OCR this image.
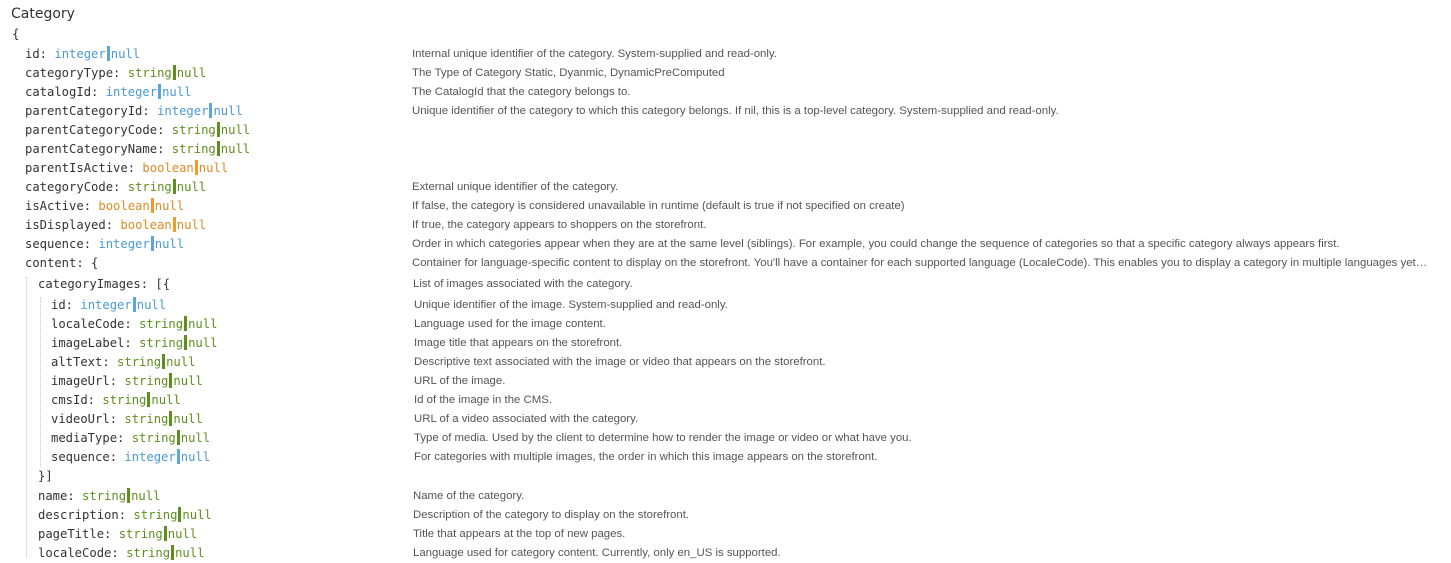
Category
{
id: integer null	Internal unique identifier of the category. System-supplied and read-only.
categoryType: string null	The Type of Category Static, Dyanmic, DynamicPreComputed
catalogId: integer null	The CatalogId that the category belongs to.
parentCategoryId: integer null	Unique identifier of the category to which this category belongs. If nil, this is a top-level category. System-supplied and read-only.
parentCategoryCode: string null
parentCategoryName: string null
parentIsActive: boolean null
categoryCode: string null	External unique identifier of the category.
isActive: boolean null	If false, the category is considered unavailable in runtime (default is true if not specified on create)
isDisplayed: boolean null	If true, the category appears to shoppers on the storefront.
sequence: integer null	Order in which categories appear when they are at the same level (siblings). For example, you could change the sequence of categories so that a specific category always appears first.
content: {	Container for language-specific content to display on the storefront. You'll have a container for each supported language (LocaleCode). This enables you to display a category in multiple languages yet…
categoryImages: [{	List of images associated with the category.
id: integer null	Unique identifier of the image. System-supplied and read-only.
localeCode: string null	Language used for the image content.
imageLabel: string null	Image title that appears on the storefront.
altText: string null	Descriptive text associated with the image or video that appears on the storefront.
imageUrl: string null	URL of the image.
cmsId: string null	Id of the image in the CMS.
videoUrl: string null	URL of a video associated with the category.
mediaType: string null	Type of media. Used by the client to determine how to render the image or video or what have you.
sequence: integer null	For categories with multiple images, the order in which this image appears on the storefront.
}]
name: string null	Name of the category.
description: string null	Description of the category to display on the storefront.
pageTitle: string null	Title that appears at the top of new pages.
localeCode: string null	Language used for category content. Currently, only en_US is supported.
